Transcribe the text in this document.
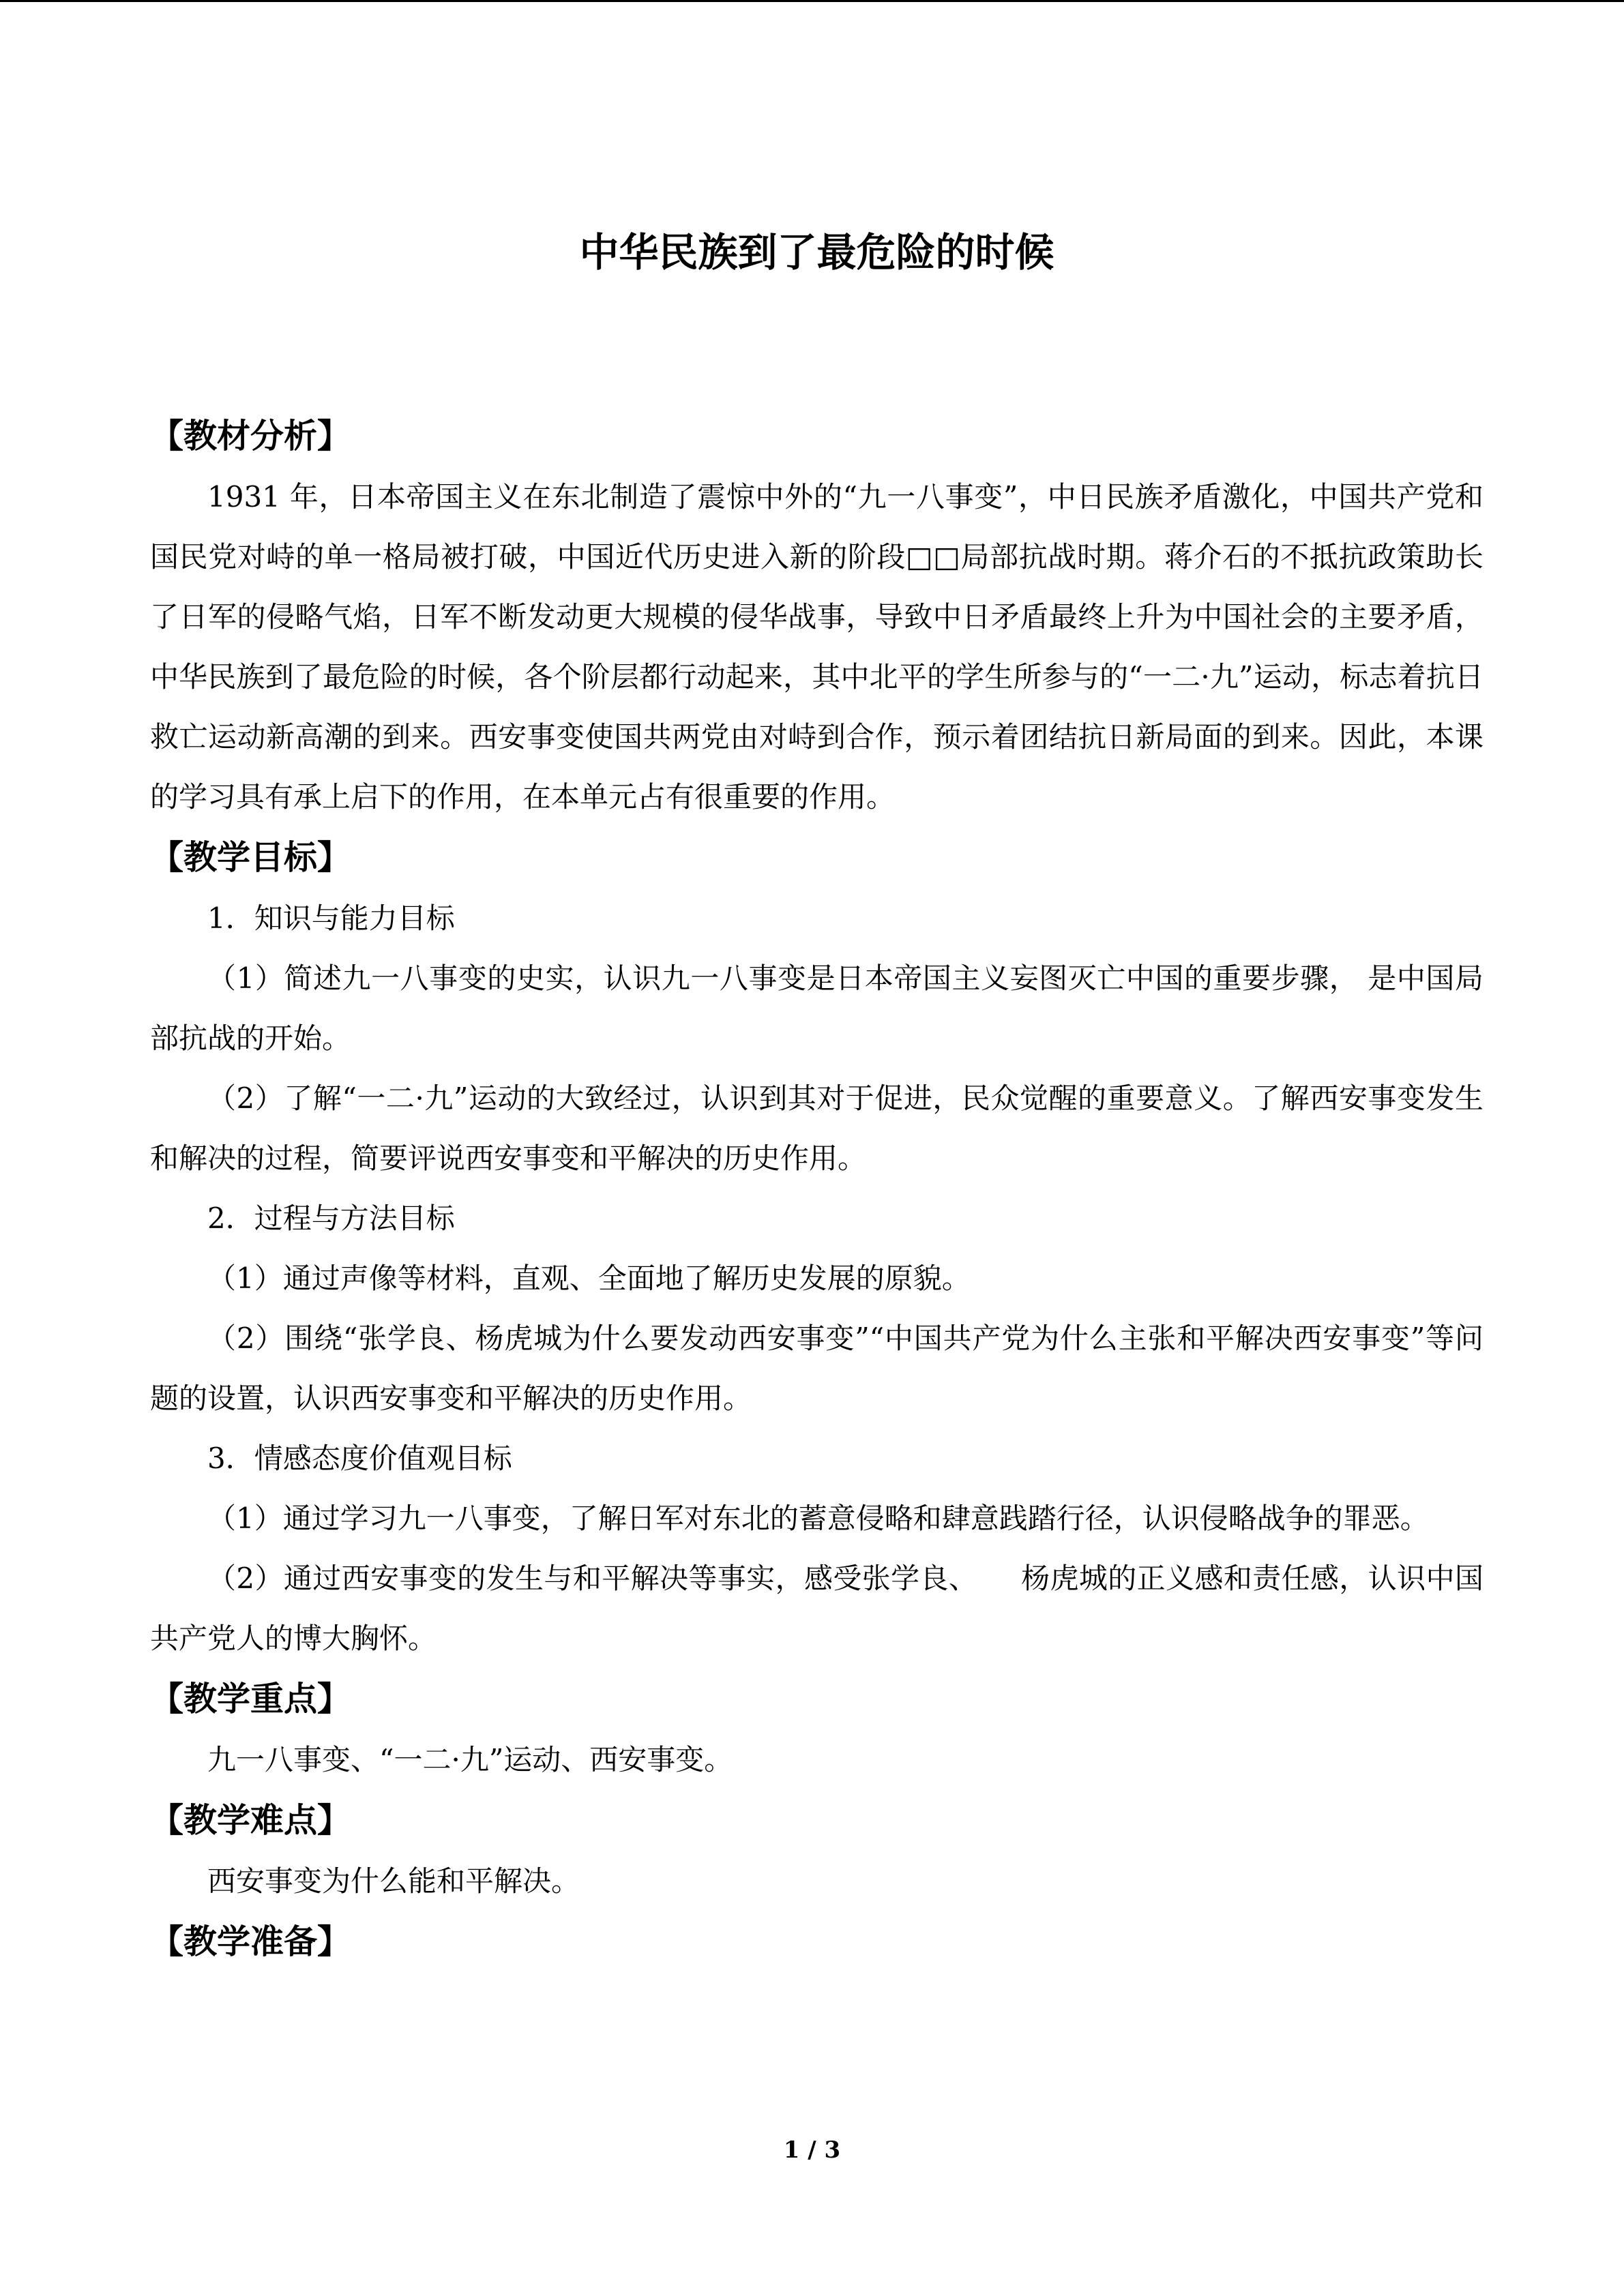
中华民族到了最危险的时候
【教材分析】

1931 年，日本帝国主义在东北制造了震惊中外的“九一八事变”，中日民族矛盾激化，中国共产党和国民党对峙的单一格局被打破，中国近代历史进入新的阶段□□局部抗战时期。蒋介石的不抵抗政策助长了日军的侵略气焰，日军不断发动更大规模的侵华战事，导致中日矛盾最终上升为中国社会的主要矛盾，中华民族到了最危险的时候，各个阶层都行动起来，其中北平的学生所参与的“一二·九”运动，标志着抗日救亡运动新高潮的到来。西安事变使国共两党由对峙到合作，预示着团结抗日新局面的到来。因此，本课的学习具有承上启下的作用，在本单元占有很重要的作用。

【教学目标】

1．知识与能力目标

（1）简述九一八事变的史实，认识九一八事变是日本帝国主义妄图灭亡中国的重要步骤， 是中国局部抗战的开始。

（2）了解“一二·九”运动的大致经过，认识到其对于促进，民众觉醒的重要意义。了解西安事变发生和解决的过程，简要评说西安事变和平解决的历史作用。

2．过程与方法目标

（1）通过声像等材料，直观、全面地了解历史发展的原貌。

（2）围绕“张学良、杨虎城为什么要发动西安事变”“中国共产党为什么主张和平解决西安事变”等问题的设置，认识西安事变和平解决的历史作用。

3．情感态度价值观目标

（1）通过学习九一八事变，了解日军对东北的蓄意侵略和肆意践踏行径，认识侵略战争的罪恶。

（2）通过西安事变的发生与和平解决等事实，感受张学良、　　杨虎城的正义感和责任感，认识中国共产党人的博大胸怀。

【教学重点】

九一八事变、“一二·九”运动、西安事变。

【教学难点】

西安事变为什么能和平解决。

【教学准备】
1 / 3
